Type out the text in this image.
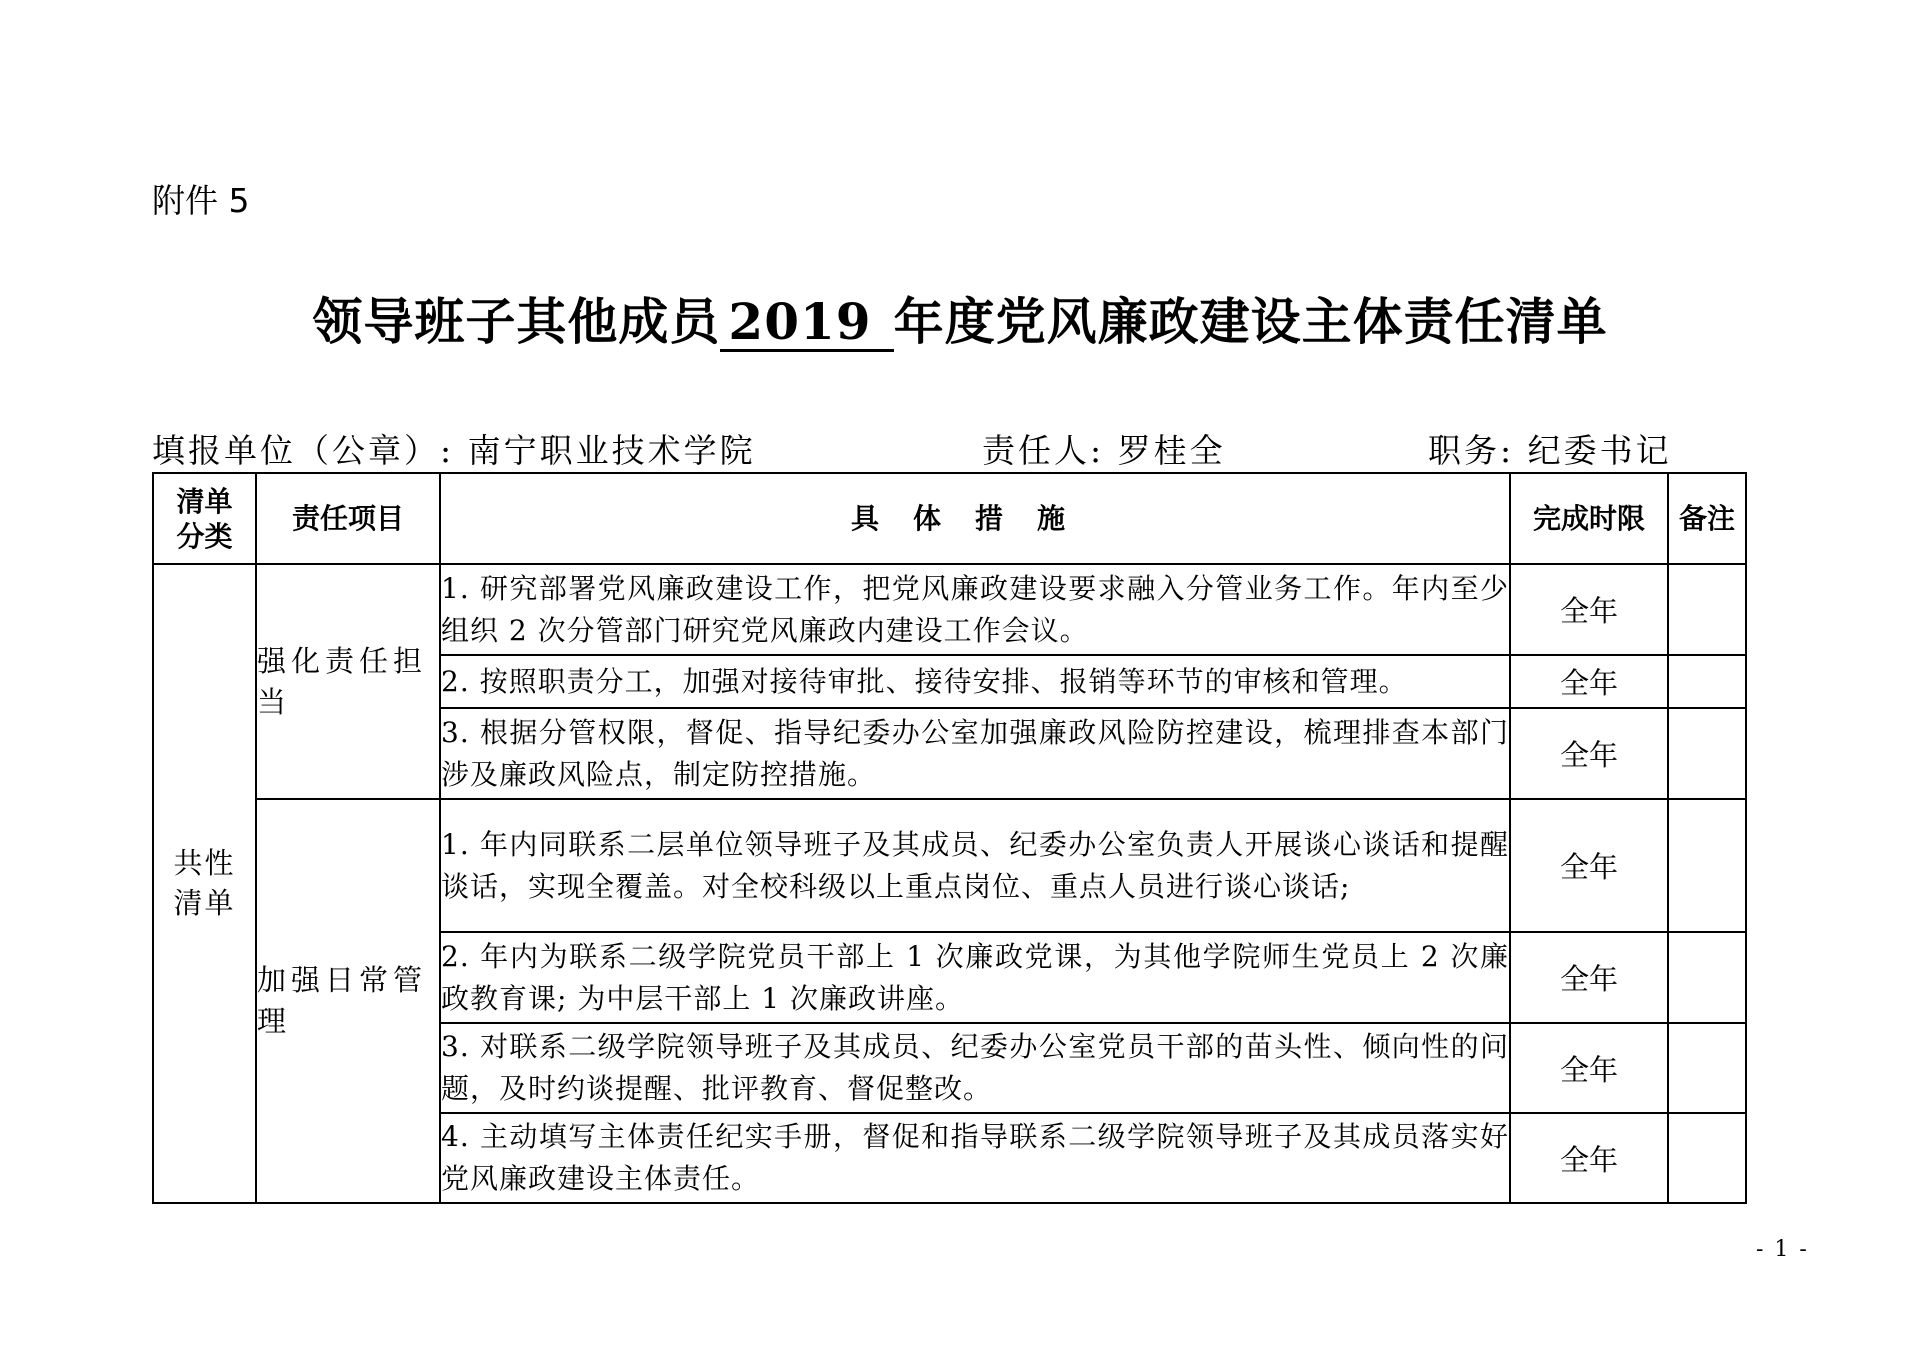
附件 5
领导班子其他成员 2019 年度党风廉政建设主体责任清单
填报单位（公章）: 南宁职业技术学院	责任人: 罗桂全	职务: 纪委书记
清单
分类	责任项目	具体措施	完成时限	备注
共性
清单	强化责任担当	1. 研究部署党风廉政建设工作，把党风廉政建设要求融入分管业务工作。年内至少组织 2 次分管部门研究党风廉政内建设工作会议。	全年	
		2. 按照职责分工，加强对接待审批、接待安排、报销等环节的审核和管理。	全年	
		3. 根据分管权限，督促、指导纪委办公室加强廉政风险防控建设，梳理排查本部门涉及廉政风险点，制定防控措施。	全年	
	加强日常管理	1. 年内同联系二层单位领导班子及其成员、纪委办公室负责人开展谈心谈话和提醒谈话，实现全覆盖。对全校科级以上重点岗位、重点人员进行谈心谈话;	全年	
		2. 年内为联系二级学院党员干部上 1 次廉政党课，为其他学院师生党员上 2 次廉政教育课; 为中层干部上 1 次廉政讲座。	全年	
		3. 对联系二级学院领导班子及其成员、纪委办公室党员干部的苗头性、倾向性的问题，及时约谈提醒、批评教育、督促整改。	全年	
		4. 主动填写主体责任纪实手册，督促和指导联系二级学院领导班子及其成员落实好党风廉政建设主体责任。	全年	
- 1 -
